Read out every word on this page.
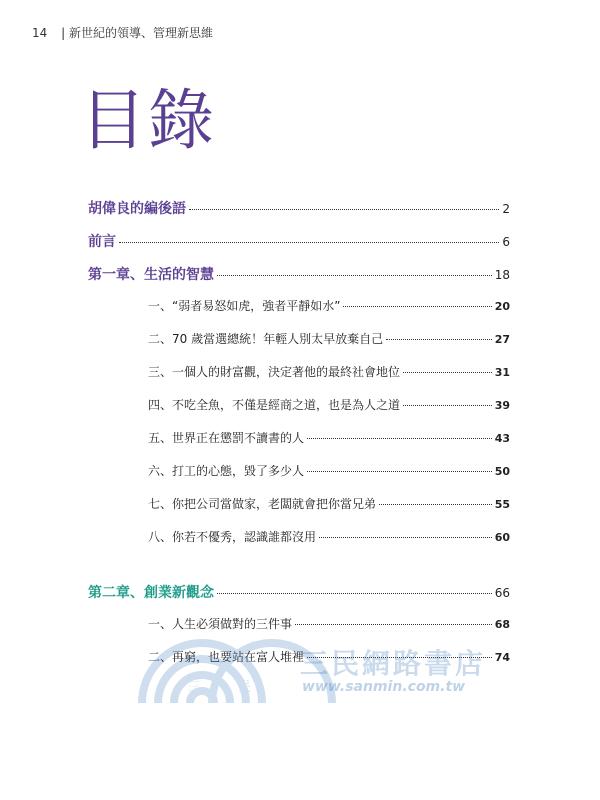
14 | 新世紀的領導、管理新思維
目錄
胡偉良的編後語	2
前言	6
第一章、生活的智慧	18
一、“弱者易怒如虎，強者平靜如水”	20
二、70 歲當選總統！年輕人別太早放棄自己	27
三、一個人的財富觀，決定著他的最終社會地位	31
四、不吃全魚，不僅是經商之道，也是為人之道	39
五、世界正在懲罰不讀書的人	43
六、打工的心態，毀了多少人	50
七、你把公司當做家，老闆就會把你當兄弟	55
八、你若不優秀，認識誰都沒用	60
第二章、創業新觀念	66
一、人生必須做對的三件事	68
二、再窮，也要站在富人堆裡	74
三	民
三民網路書店
www.sanmin.com.tw
